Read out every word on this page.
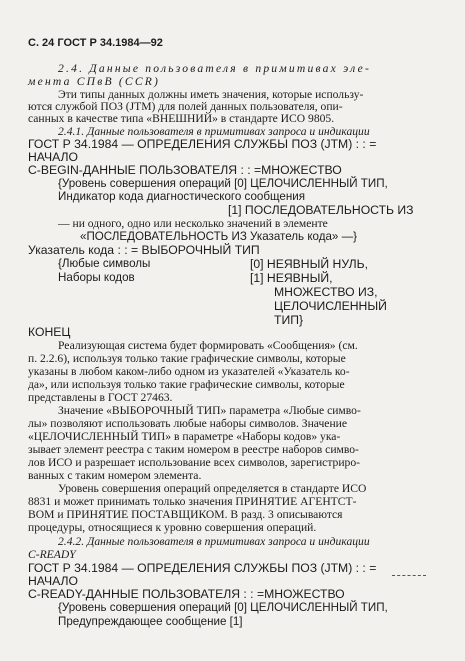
С. 24 ГОСТ Р 34.1984—92
2.4. Данные пользователя в примитивах эле-
мента СПвВ (CCR)
Эти типы данных должны иметь значения, которые использу-
ются службой ПОЗ (JTM) для полей данных пользователя, опи-
санных в качестве типа «ВНЕШНИЙ» в стандарте ИСО 9805.
2.4.1. Данные пользователя в примитивах запроса и индикации
ГОСТ Р 34.1984 — ОПРЕДЕЛЕНИЯ СЛУЖБЫ ПОЗ (JTM) : : =
НАЧАЛО
C-BEGIN-ДАННЫЕ ПОЛЬЗОВАТЕЛЯ : : =МНОЖЕСТВО
{Уровень совершения операций [0] ЦЕЛОЧИСЛЕННЫЙ ТИП,
Индикатор кода диагностического сообщения
[1] ПОСЛЕДОВАТЕЛЬНОСТЬ ИЗ
— ни одного, одно или несколько значений в элементе
«ПОСЛЕДОВАТЕЛЬНОСТЬ ИЗ Указатель кода» —}
Указатель кода : : = ВЫБОРОЧНЫЙ ТИП
{Любые символы	[0] НЕЯВНЫЙ НУЛЬ,
Наборы кодов	[1] НЕЯВНЫЙ,
МНОЖЕСТВО ИЗ,
ЦЕЛОЧИСЛЕННЫЙ
ТИП}
КОНЕЦ
Реализующая система будет формировать «Сообщения» (см.
п. 2.2.6), используя только такие графические символы, которые
указаны в любом каком-либо одном из указателей «Указатель ко-
да», или используя только такие графические символы, которые
представлены в ГОСТ 27463.
Значение «ВЫБОРОЧНЫЙ ТИП» параметра «Любые симво-
лы» позволяют использовать любые наборы символов. Значение
«ЦЕЛОЧИСЛЕННЫЙ ТИП» в параметре «Наборы кодов» ука-
зывает элемент реестра с таким номером в реестре наборов симво-
лов ИСО и разрешает использование всех символов, зарегистриро-
ванных с таким номером элемента.
Уровень совершения операций определяется в стандарте ИСО
8831 и может принимать только значения ПРИНЯТИЕ АГЕНТСТ-
ВОМ и ПРИНЯТИЕ ПОСТАВЩИКОМ. В разд. 3 описываются
процедуры, относящиеся к уровню совершения операций.
2.4.2. Данные пользователя в примитивах запроса и индикации
C-READY
ГОСТ Р 34.1984 — ОПРЕДЕЛЕНИЯ СЛУЖБЫ ПОЗ (JTM) : : =
НАЧАЛО
C-READY-ДАННЫЕ ПОЛЬЗОВАТЕЛЯ : : =МНОЖЕСТВО
{Уровень совершения операций [0] ЦЕЛОЧИСЛЕННЫЙ ТИП,
Предупреждающее сообщение [1]
